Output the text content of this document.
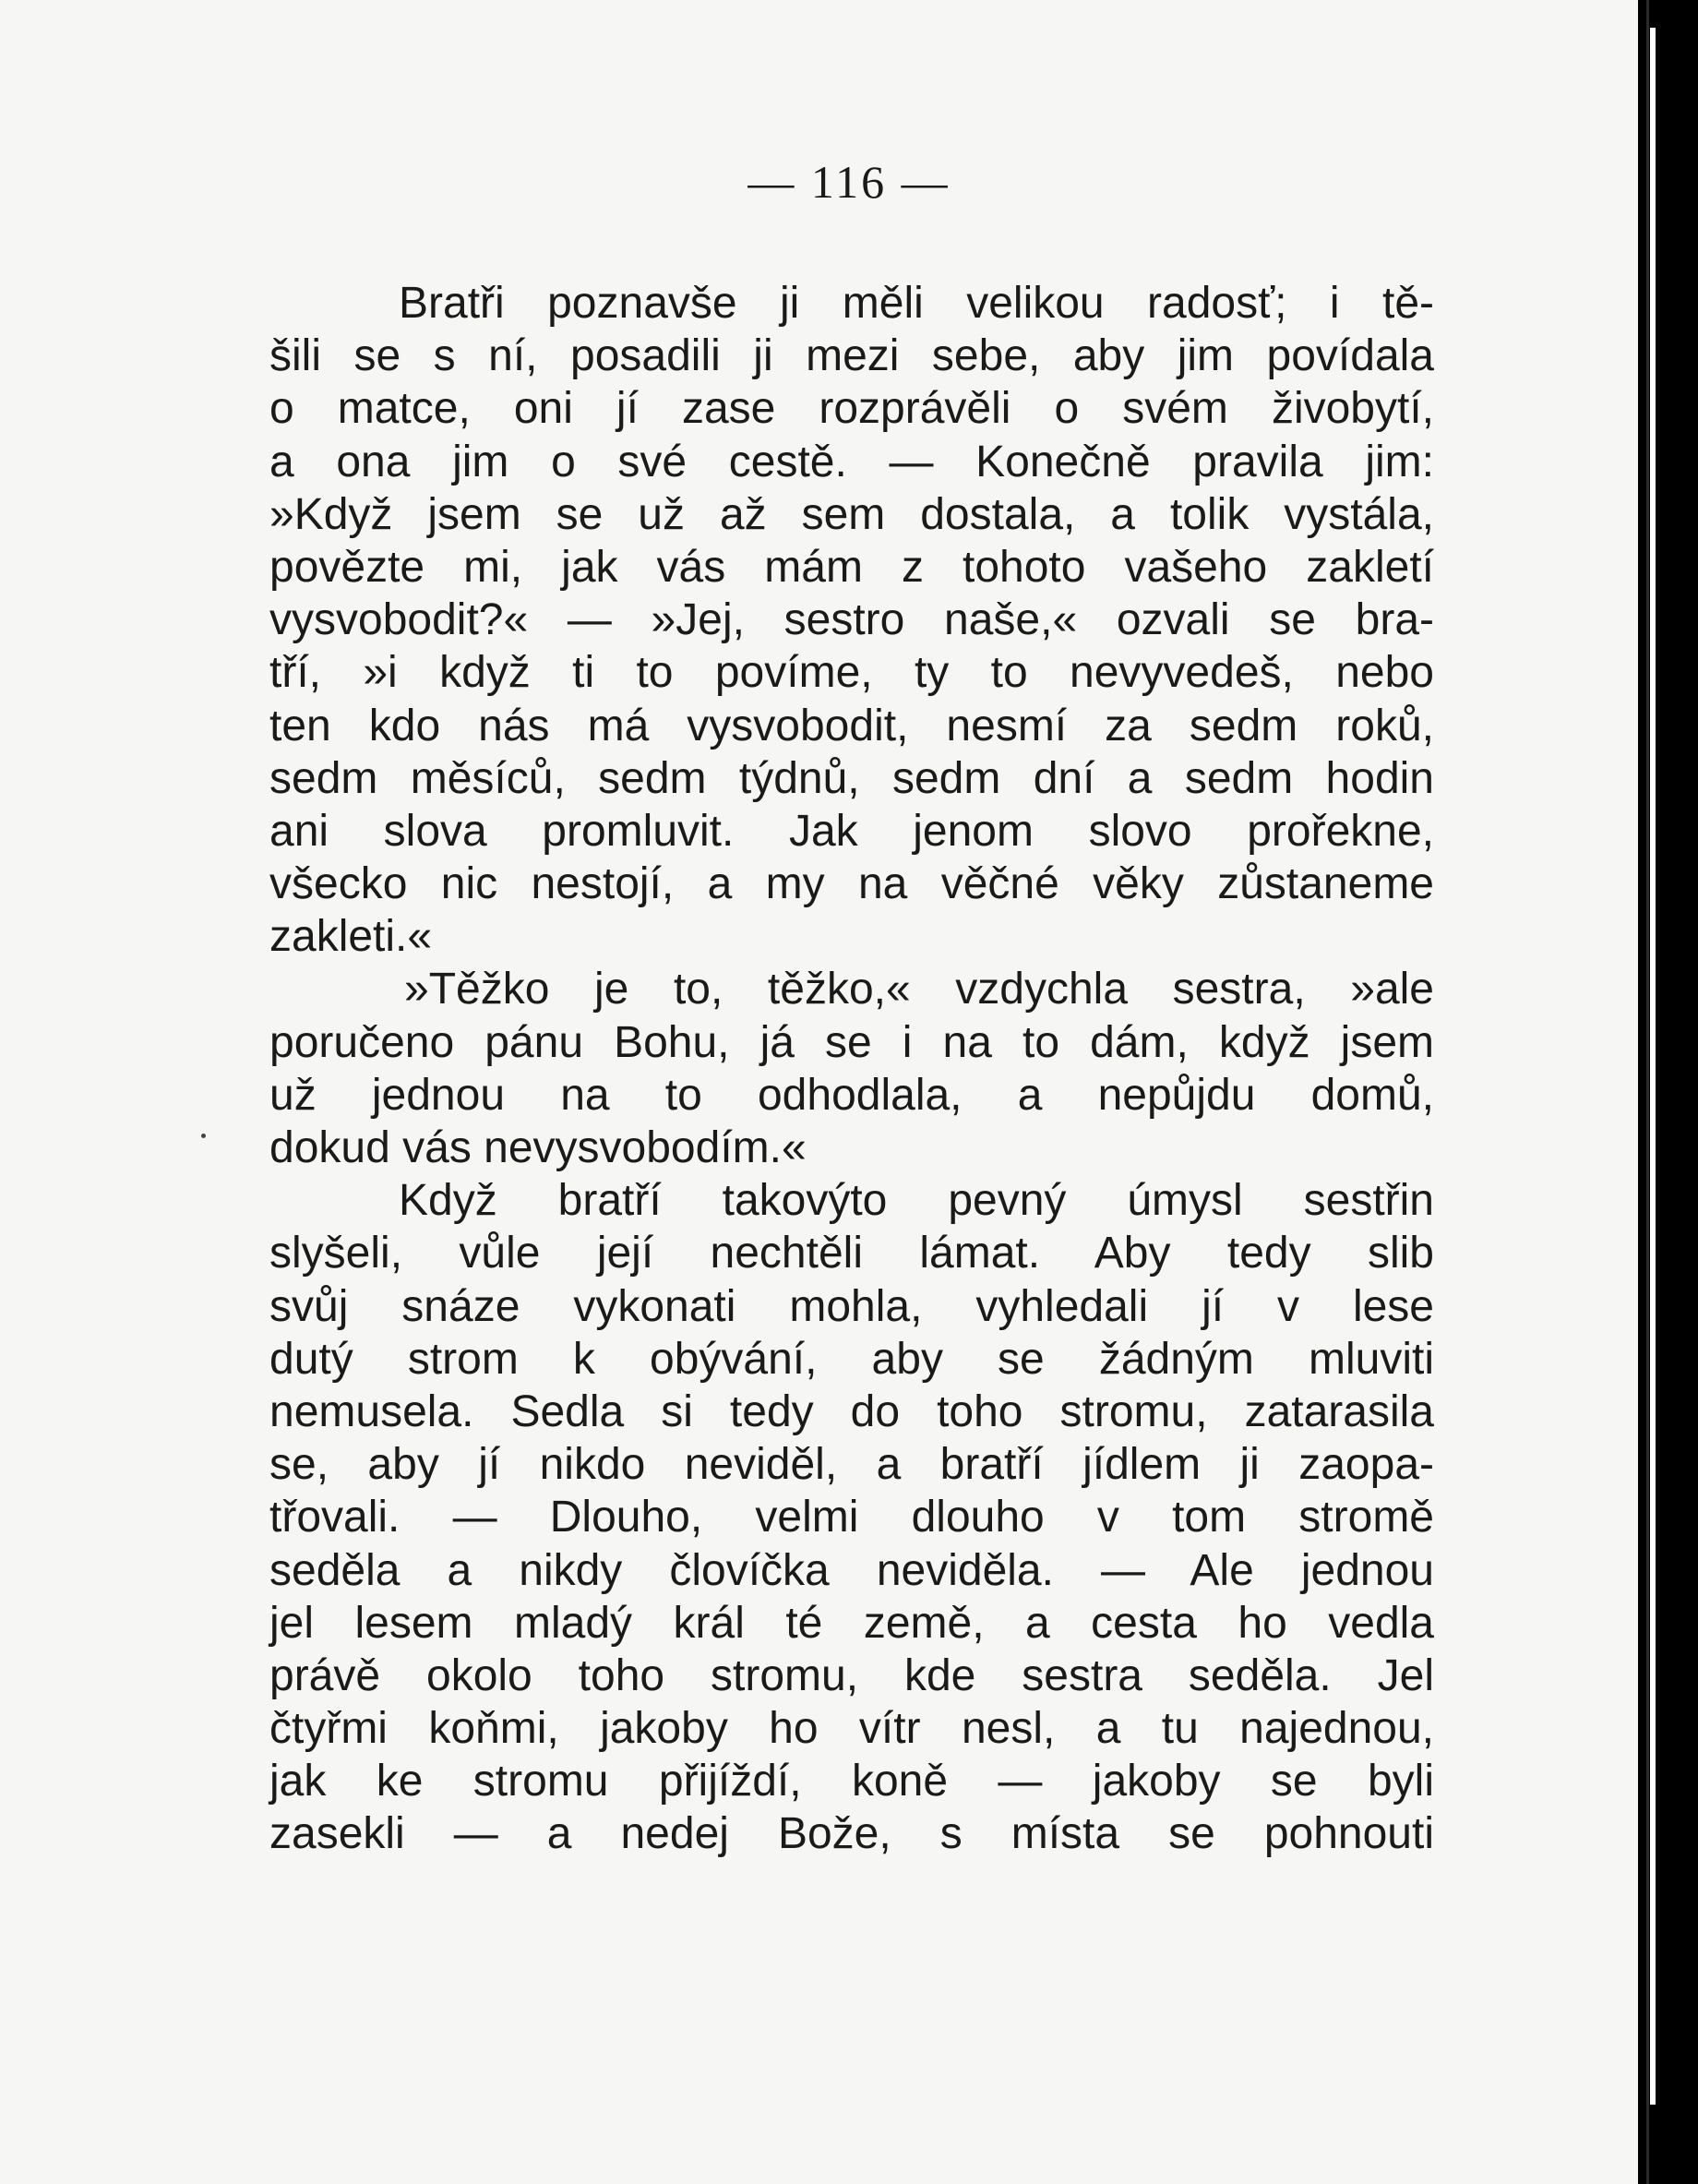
— 116 —
Bratři poznavše ji měli velikou radosť; i tě-
šili se s ní, posadili ji mezi sebe, aby jim povídala
o matce, oni jí zase rozprávěli o svém živobytí,
a ona jim o své cestě. — Konečně pravila jim:
»Když jsem se už až sem dostala, a tolik vystála,
povězte mi, jak vás mám z tohoto vašeho zakletí
vysvobodit?« — »Jej, sestro naše,« ozvali se bra-
tří, »i když ti to povíme, ty to nevyvedeš, nebo
ten kdo nás má vysvobodit, nesmí za sedm roků,
sedm měsíců, sedm týdnů, sedm dní a sedm hodin
ani slova promluvit. Jak jenom slovo prořekne,
všecko nic nestojí, a my na věčné věky zůstaneme
zakleti.«
»Těžko je to, těžko,« vzdychla sestra, »ale
poručeno pánu Bohu, já se i na to dám, když jsem
už jednou na to odhodlala, a nepůjdu domů,
dokud vás nevysvobodím.«
Když bratří takovýto pevný úmysl sestřin
slyšeli, vůle její nechtěli lámat. Aby tedy slib
svůj snáze vykonati mohla, vyhledali jí v lese
dutý strom k obývání, aby se žádným mluviti
nemusela. Sedla si tedy do toho stromu, zatarasila
se, aby jí nikdo neviděl, a bratří jídlem ji zaopa-
třovali. — Dlouho, velmi dlouho v tom stromě
seděla a nikdy človíčka neviděla. — Ale jednou
jel lesem mladý král té země, a cesta ho vedla
právě okolo toho stromu, kde sestra seděla. Jel
čtyřmi koňmi, jakoby ho vítr nesl, a tu najednou,
jak ke stromu přijíždí, koně — jakoby se byli
zasekli — a nedej Bože, s místa se pohnouti
